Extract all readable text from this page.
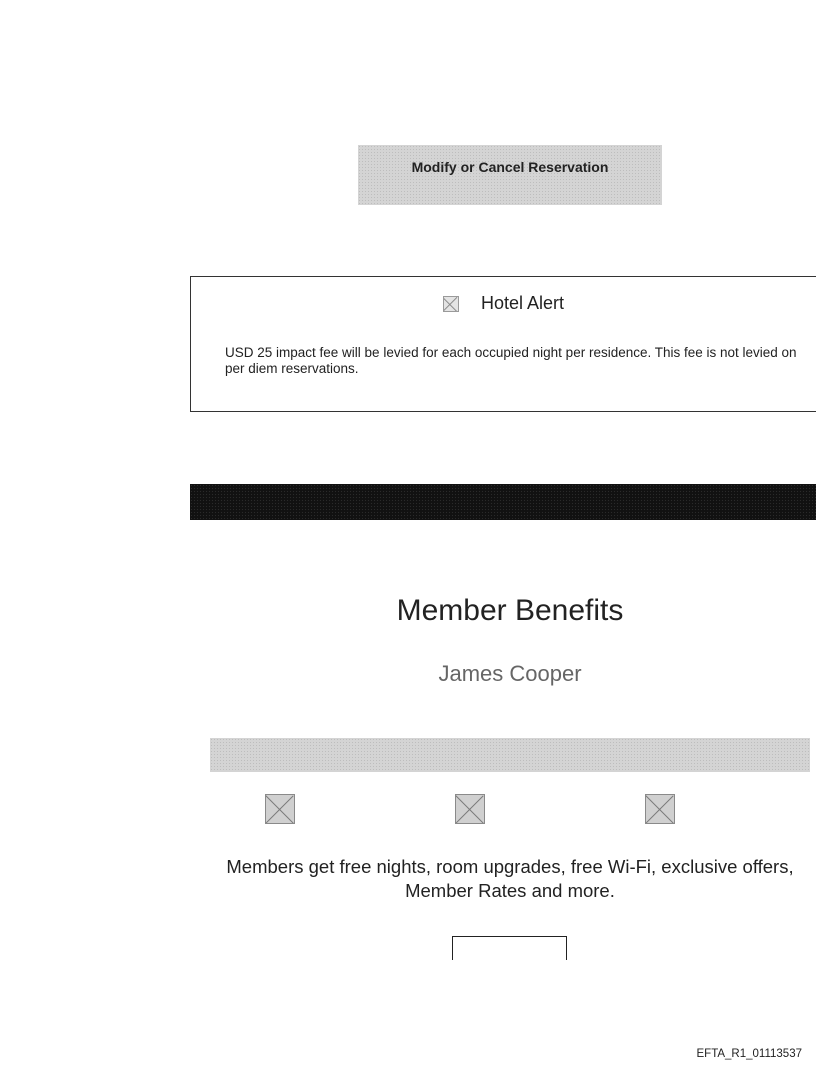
Modify or Cancel Reservation
Hotel Alert
USD 25 impact fee will be levied for each occupied night per residence. This fee is not levied on per diem reservations.
Member Benefits
James Cooper
Members get free nights, room upgrades, free Wi-Fi, exclusive offers, Member Rates and more.
EFTA_R1_01113537
